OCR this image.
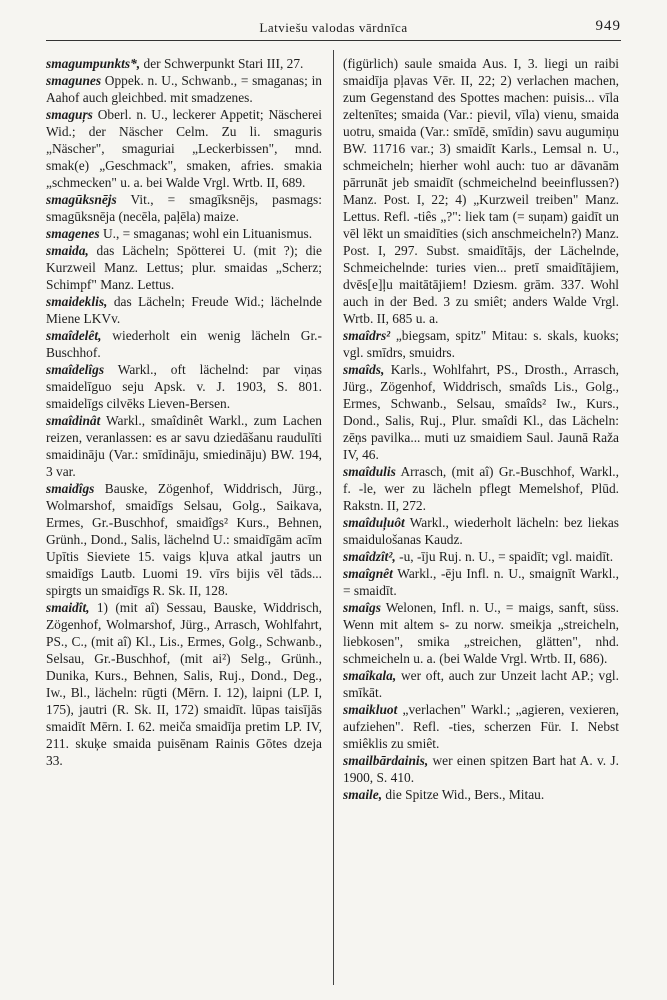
Latviešu valodas vārdnīca	949

smagumpunkts*, der Schwerpunkt Stari III, 27.

smagunes Oppek. n. U., Schwanb., = smaganas; in Aahof auch gleichbed. mit smadzenes.

smaguŗs Oberl. n. U., leckerer Appetit; Näscherei Wid.; der Näscher Celm. Zu li. smaguris „Näscher", smaguriai „Leckerbissen", mnd. smak(e) „Geschmack", smaken, afries. smakia „schmecken" u. a. bei Walde Vrgl. Wrtb. II, 689.

smagūksnējs Vit., = smagīksnējs, pasmags: smagūksnēja (necēla, paļēla) maize.

smagenes U., = smaganas; wohl ein Lituanismus.

smaida, das Lächeln; Spötterei U. (mit ?); die Kurzweil Manz. Lettus; plur. smaidas „Scherz; Schimpf" Manz. Lettus.

smaideklis, das Lächeln; Freude Wid.; lächelnde Miene LKVv.

smaîdelêt, wiederholt ein wenig lächeln Gr.-Buschhof.

smaîdelîgs Warkl., oft lächelnd: par viņas smaidelīguo seju Apsk. v. J. 1903, S. 801. smaidelīgs cilvēks Lieven-Bersen.

smaîdinât Warkl., smaîdinêt Warkl., zum Lachen reizen, veranlassen: es ar savu dziedāšanu raudulīti smaidināju (Var.: smīdināju, smiedināju) BW. 194, 3 var.

smaidîgs Bauske, Zögenhof, Widdrisch, Jürg., Wolmarshof, smaidīgs Selsau, Golg., Saikava, Ermes, Gr.-Buschhof, smaidîgs² Kurs., Behnen, Grünh., Dond., Salis, lächelnd U.: smaidīgām acīm Upītis Sieviete 15. vaigs kļuva atkal jautrs un smaidīgs Lautb. Luomi 19. vīrs bijis vēl tāds... spirgts un smaidīgs R. Sk. II, 128.

smaidît, 1) (mit aî) Sessau, Bauske, Widdrisch, Zögenhof, Wolmarshof, Jürg., Arrasch, Wohlfahrt, PS., C., (mit aî) Kl., Lis., Ermes, Golg., Schwanb., Selsau, Gr.-Buschhof, (mit ai²) Selg., Grünh., Dunika, Kurs., Behnen, Salis, Ruj., Dond., Deg., Iw., Bl., lächeln: rūgti (Mērn. I. 12), laipni (LP. I, 175), jautri (R. Sk. II, 172) smaidīt. lūpas taisījās smaidīt Mērn. I. 62. meiča smaidīja pretim LP. IV, 211. skuķe smaida puisēnam Rainis Gōtes dzeja 33.

(figürlich) saule smaida Aus. I, 3. liegi un raibi smaidīja pļavas Vēr. II, 22; 2) verlachen machen, zum Gegenstand des Spottes machen: puisis... vīla zeltenītes; smaida (Var.: pievil, vīla) vienu, smaida uotru, smaida (Var.: smīdē, smīdin) savu augumiņu BW. 11716 var.; 3) smaidīt Karls., Lemsal n. U., schmeicheln; hierher wohl auch: tuo ar dāvanām pārrunāt jeb smaidīt (schmeichelnd beeinflussen?) Manz. Post. I, 22; 4) „Kurzweil treiben" Manz. Lettus. Refl. -tiês „?": liek tam (= suņam) gaidīt un vēl lēkt un smaidīties (sich anschmeicheln?) Manz. Post. I, 297. Subst. smaidītājs, der Lächelnde, Schmeichelnde: turies vien... pretī smaidītājiem, dvēs[e]ļu maitātājiem! Dziesm. grām. 337. Wohl auch in der Bed. 3 zu smiêt; anders Walde Vrgl. Wrtb. II, 685 u. a.

smaîdrs² „biegsam, spitz" Mitau: s. skals, kuoks; vgl. smīdrs, smuidrs.

smaîds, Karls., Wohlfahrt, PS., Drosth., Arrasch, Jürg., Zögenhof, Widdrisch, smaîds Lis., Golg., Ermes, Schwanb., Selsau, smaîds² Iw., Kurs., Dond., Salis, Ruj., Plur. smaîdi Kl., das Lächeln: zēņs pavilka... muti uz smaidiem Saul. Jaunā Raža IV, 46.

smaîdulis Arrasch, (mit aî) Gr.-Buschhof, Warkl., f. -le, wer zu lächeln pflegt Memelshof, Plūd. Rakstn. II, 272.

smaîduļuôt Warkl., wiederholt lächeln: bez liekas smaidulošanas Kaudz.

smaîdzît², -u, -īju Ruj. n. U., = spaidīt; vgl. maidīt.

smaîgnêt Warkl., -ēju Infl. n. U., smaignīt Warkl., = smaidīt.

smaîgs Welonen, Infl. n. U., = maigs, sanft, süss. Wenn mit altem s- zu norw. smeikja „streicheln, liebkosen", smika „streichen, glätten", nhd. schmeicheln u. a. (bei Walde Vrgl. Wrtb. II, 686).

smaîkala, wer oft, auch zur Unzeit lacht AP.; vgl. smīkāt.

smaikluot „verlachen" Warkl.; „agieren, vexieren, aufziehen". Refl. -ties, scherzen Für. I. Nebst smiêklis zu smiêt.

smailbārdainis, wer einen spitzen Bart hat A. v. J. 1900, S. 410.

smaile, die Spitze Wid., Bers., Mitau.
